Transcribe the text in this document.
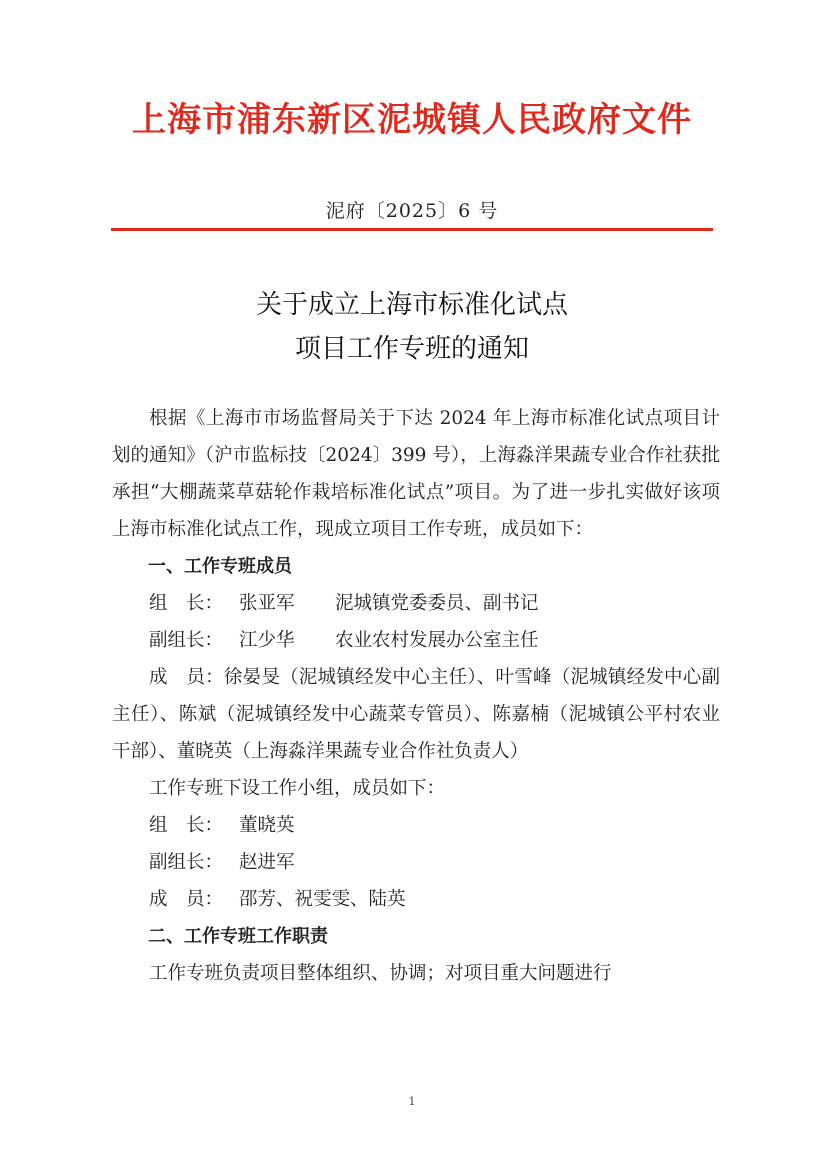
上海市浦东新区泥城镇人民政府文件
泥府〔2025〕6 号
关于成立上海市标准化试点
项目工作专班的通知

根据《上海市市场监督局关于下达 2024 年上海市标准化试点项目计划的通知》（沪市监标技〔2024〕399 号），上海淼洋果蔬专业合作社获批承担“大棚蔬菜草菇轮作栽培标准化试点”项目。为了进一步扎实做好该项上海市标准化试点工作，现成立项目工作专班，成员如下：

一、工作专班成员

组　长： 张亚军 泥城镇党委委员、副书记

副组长： 江少华 农业农村发展办公室主任

成　员：徐晏旻（泥城镇经发中心主任）、叶雪峰（泥城镇经发中心副主任）、陈斌（泥城镇经发中心蔬菜专管员）、陈嘉楠（泥城镇公平村农业干部）、董晓英（上海淼洋果蔬专业合作社负责人）

工作专班下设工作小组，成员如下：

组　长： 董晓英

副组长： 赵进军

成　员： 邵芳、祝雯雯、陆英

二、工作专班工作职责

工作专班负责项目整体组织、协调；对项目重大问题进行

1
